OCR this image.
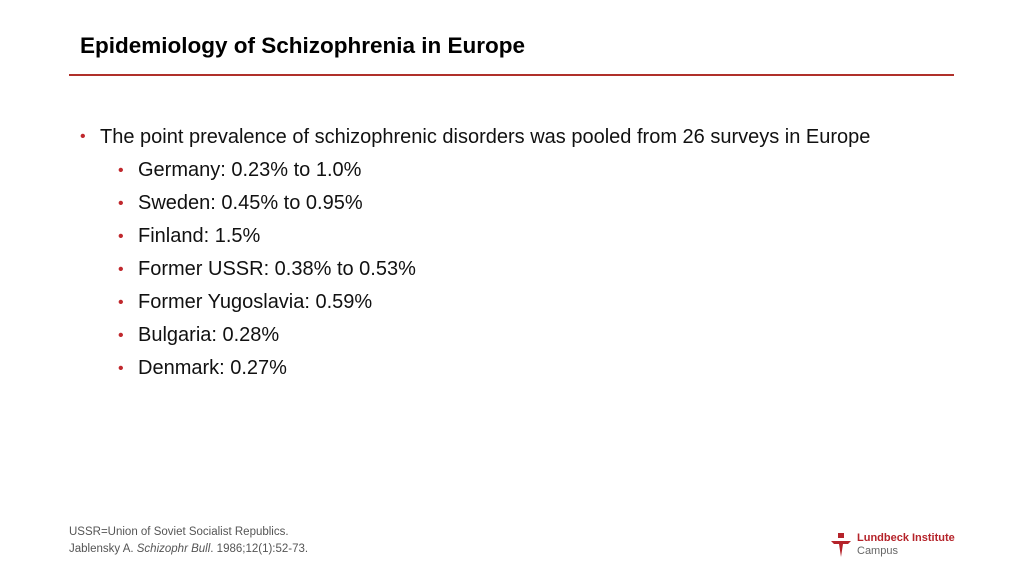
Epidemiology of Schizophrenia in Europe
• The point prevalence of schizophrenic disorders was pooled from 26 surveys in Europe
• Germany: 0.23% to 1.0%
• Sweden: 0.45% to 0.95%
• Finland: 1.5%
• Former USSR: 0.38% to 0.53%
• Former Yugoslavia: 0.59%
• Bulgaria: 0.28%
• Denmark: 0.27%
USSR=Union of Soviet Socialist Republics.
Jablensky A. Schizophr Bull. 1986;12(1):52-73.
Lundbeck Institute
Campus
